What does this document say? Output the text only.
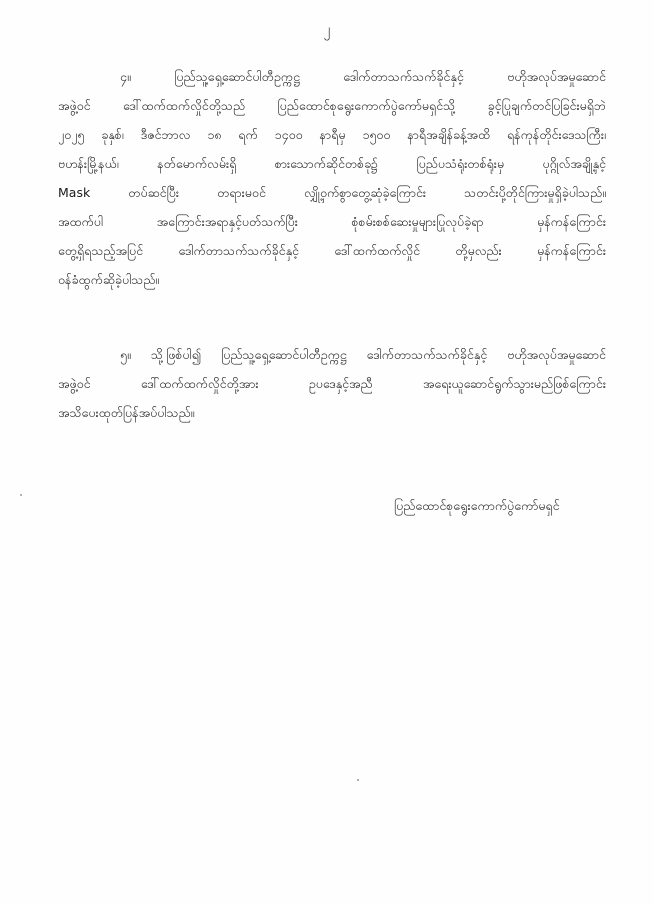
၂
၄။ ပြည်သူ့ရှေ့ဆောင်ပါတီဥက္ကဋ္ဌ ဒေါက်တာသက်သက်ခိုင်နှင့် ဗဟိုအလုပ်အမှုဆောင်
အဖွဲ့ဝင် ဒေါ်ထက်ထက်လှိုင်တို့သည် ပြည်ထောင်စုရွေးကောက်ပွဲကော်မရှင်သို့ ခွင့်ပြုချက်တင်ပြခြင်းမရှိဘဲ
၂၀၂၅ ခုနှစ်၊ ဒီဇင်ဘာလ ၁၈ ရက် ၁၄၀၀ နာရီမှ ၁၅၀၀ နာရီအချိန်ခန့်အထိ ရန်ကုန်တိုင်းဒေသကြီး၊
ဗဟန်းမြို့နယ်၊ နတ်မောက်လမ်းရှိ စားသောက်ဆိုင်တစ်ခု၌ ပြည်ပသံရုံးတစ်ရုံးမှ ပုဂ္ဂိုလ်အချို့နှင့်
Mask တပ်ဆင်ပြီး တရားမဝင် လျှို့ဝှက်စွာတွေ့ဆုံခဲ့ကြောင်း သတင်းပို့တိုင်ကြားမှုရှိခဲ့ပါသည်။
အထက်ပါ အကြောင်းအရာနှင့်ပတ်သက်ပြီး စုံစမ်းစစ်ဆေးမှုများပြုလုပ်ခဲ့ရာ မှန်ကန်ကြောင်း
တွေ့ရှိရသည့်အပြင် ဒေါက်တာသက်သက်ခိုင်နှင့် ဒေါ်ထက်ထက်လှိုင် တို့မှလည်း မှန်ကန်ကြောင်း
ဝန်ခံထွက်ဆိုခဲ့ပါသည်။
၅။ သို့ဖြစ်ပါ၍ ပြည်သူ့ရှေ့ဆောင်ပါတီဥက္ကဋ္ဌ ဒေါက်တာသက်သက်ခိုင်နှင့် ဗဟိုအလုပ်အမှုဆောင်
အဖွဲ့ဝင် ဒေါ်ထက်ထက်လှိုင်တို့အား ဥပဒေနှင့်အညီ အရေးယူဆောင်ရွက်သွားမည်ဖြစ်ကြောင်း
အသိပေးထုတ်ပြန်အပ်ပါသည်။
ပြည်ထောင်စုရွေးကောက်ပွဲကော်မရှင်
